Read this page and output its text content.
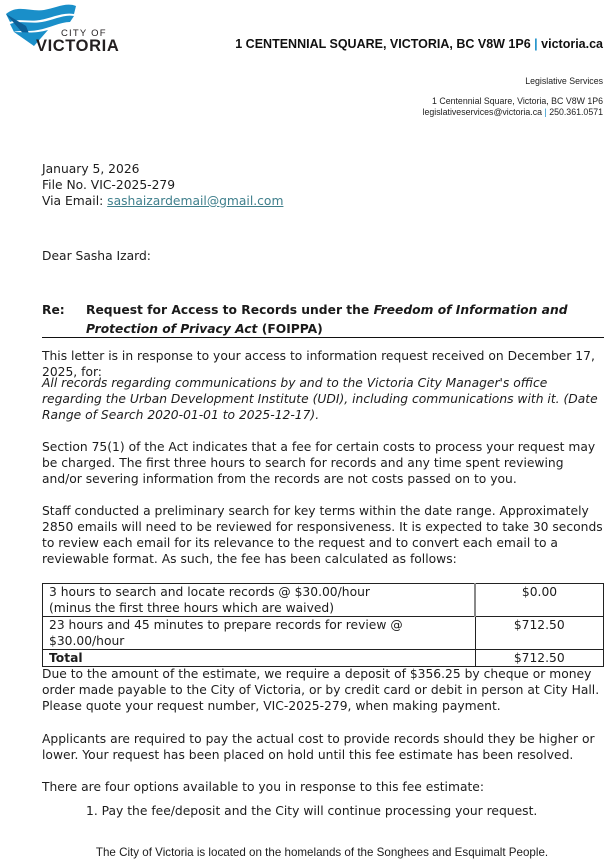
CITY OF
VICTORIA	1 CENTENNIAL SQUARE, VICTORIA, BC V8W 1P6 | victoria.ca
Legislative Services
1 Centennial Square, Victoria, BC V8W 1P6
legislativeservices@victoria.ca | 250.361.0571
January 5, 2026
File No. VIC-2025-279
Via Email: sashaizardemail@gmail.com
Dear Sasha Izard:
Re: Request for Access to Records under the Freedom of Information and Protection of Privacy Act (FOIPPA)
This letter is in response to your access to information request received on December 17, 2025, for:
All records regarding communications by and to the Victoria City Manager's office regarding the Urban Development Institute (UDI), including communications with it. (Date Range of Search 2020-01-01 to 2025-12-17).
Section 75(1) of the Act indicates that a fee for certain costs to process your request may be charged. The first three hours to search for records and any time spent reviewing and/or severing information from the records are not costs passed on to you.
Staff conducted a preliminary search for key terms within the date range. Approximately 2850 emails will need to be reviewed for responsiveness. It is expected to take 30 seconds to review each email for its relevance to the request and to convert each email to a reviewable format. As such, the fee has been calculated as follows:
3 hours to search and locate records @ $30.00/hour
(minus the first three hours which are waived)	$0.00
23 hours and 45 minutes to prepare records for review @ $30.00/hour	$712.50
Total	$712.50
Due to the amount of the estimate, we require a deposit of $356.25 by cheque or money order made payable to the City of Victoria, or by credit card or debit in person at City Hall. Please quote your request number, VIC-2025-279, when making payment.
Applicants are required to pay the actual cost to provide records should they be higher or lower. Your request has been placed on hold until this fee estimate has been resolved.
There are four options available to you in response to this fee estimate:
1. Pay the fee/deposit and the City will continue processing your request.
The City of Victoria is located on the homelands of the Songhees and Esquimalt People.
